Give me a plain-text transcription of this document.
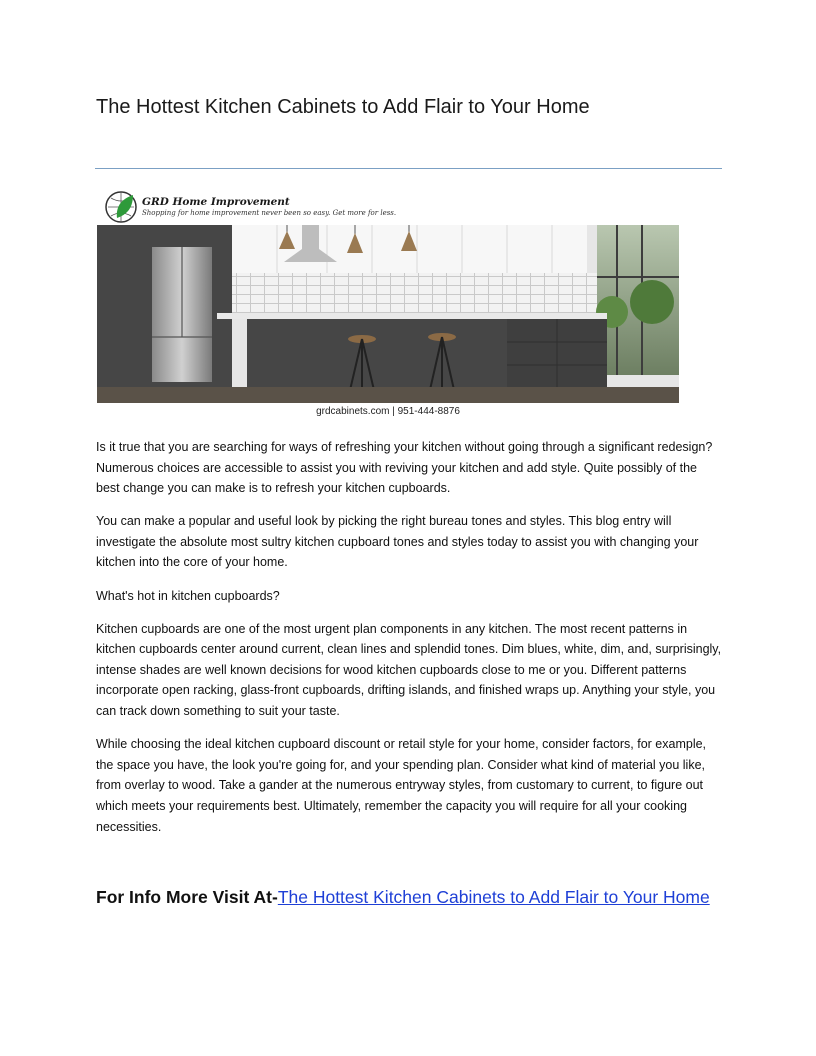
The Hottest Kitchen Cabinets to Add Flair to Your Home
GRD Home Improvement
Shopping for home improvement never been so easy. Get more for less.
grdcabinets.com | 951-444-8876

Is it true that you are searching for ways of refreshing your kitchen without going through a significant redesign? Numerous choices are accessible to assist you with reviving your kitchen and add style. Quite possibly of the best change you can make is to refresh your kitchen cupboards.

You can make a popular and useful look by picking the right bureau tones and styles. This blog entry will investigate the absolute most sultry kitchen cupboard tones and styles today to assist you with changing your kitchen into the core of your home.

What's hot in kitchen cupboards?

Kitchen cupboards are one of the most urgent plan components in any kitchen. The most recent patterns in kitchen cupboards center around current, clean lines and splendid tones. Dim blues, white, dim, and, surprisingly, intense shades are well known decisions for wood kitchen cupboards close to me or you. Different patterns incorporate open racking, glass-front cupboards, drifting islands, and finished wraps up. Anything your style, you can track down something to suit your taste.

While choosing the ideal kitchen cupboard discount or retail style for your home, consider factors, for example, the space you have, the look you're going for, and your spending plan. Consider what kind of material you like, from overlay to wood. Take a gander at the numerous entryway styles, from customary to current, to figure out which meets your requirements best. Ultimately, remember the capacity you will require for all your cooking necessities.

For Info More Visit At-The Hottest Kitchen Cabinets to Add Flair to Your Home
